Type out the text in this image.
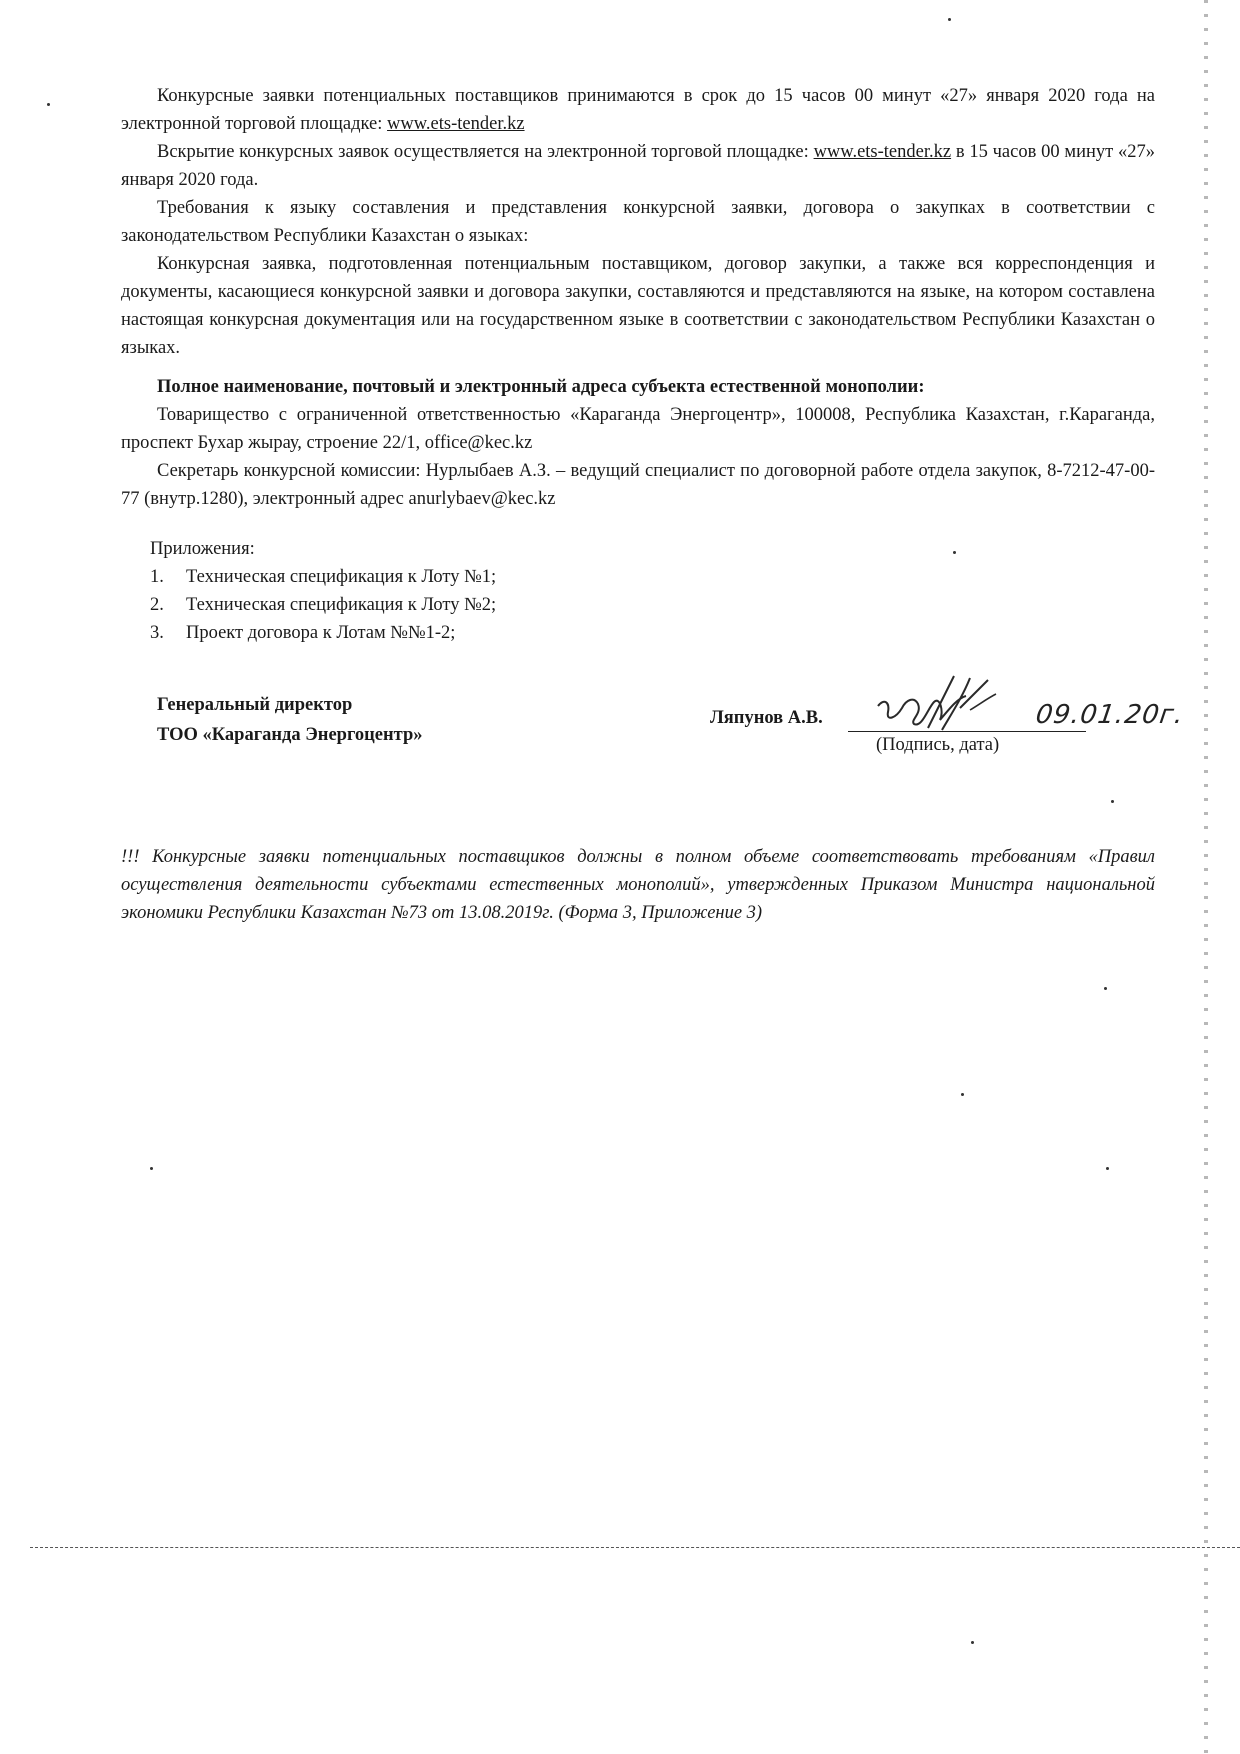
Конкурсные заявки потенциальных поставщиков принимаются в срок до 15 часов 00 минут «27» января 2020 года на электронной торговой площадке: www.ets-tender.kz

Вскрытие конкурсных заявок осуществляется на электронной торговой площадке: www.ets-tender.kz в 15 часов 00 минут «27» января 2020 года.

Требования к языку составления и представления конкурсной заявки, договора о закупках в соответствии с законодательством Республики Казахстан о языках:

Конкурсная заявка, подготовленная потенциальным поставщиком, договор закупки, а также вся корреспонденция и документы, касающиеся конкурсной заявки и договора закупки, составляются и представляются на языке, на котором составлена настоящая конкурсная документация или на государственном языке в соответствии с законодательством Республики Казахстан о языках.

Полное наименование, почтовый и электронный адреса субъекта естественной монополии:

Товарищество с ограниченной ответственностью «Караганда Энергоцентр», 100008, Республика Казахстан, г.Караганда, проспект Бухар жырау, строение 22/1, office@kec.kz

Секретарь конкурсной комиссии: Нурлыбаев А.З. – ведущий специалист по договорной работе отдела закупок, 8-7212-47-00-77 (внутр.1280), электронный адрес anurlybaev@kec.kz

Приложения:
1.	Техническая спецификация к Лоту №1;
2.	Техническая спецификация к Лоту №2;
3.	Проект договора к Лотам №№1-2;
Генеральный директор
ТОО «Караганда Энергоцентр»
Ляпунов А.В.	09.01.20г.
(Подпись, дата)
!!! Конкурсные заявки потенциальных поставщиков должны в полном объеме соответствовать требованиям «Правил осуществления деятельности субъектами естественных монополий», утвержденных Приказом Министра национальной экономики Республики Казахстан №73 от 13.08.2019г. (Форма 3, Приложение 3)
